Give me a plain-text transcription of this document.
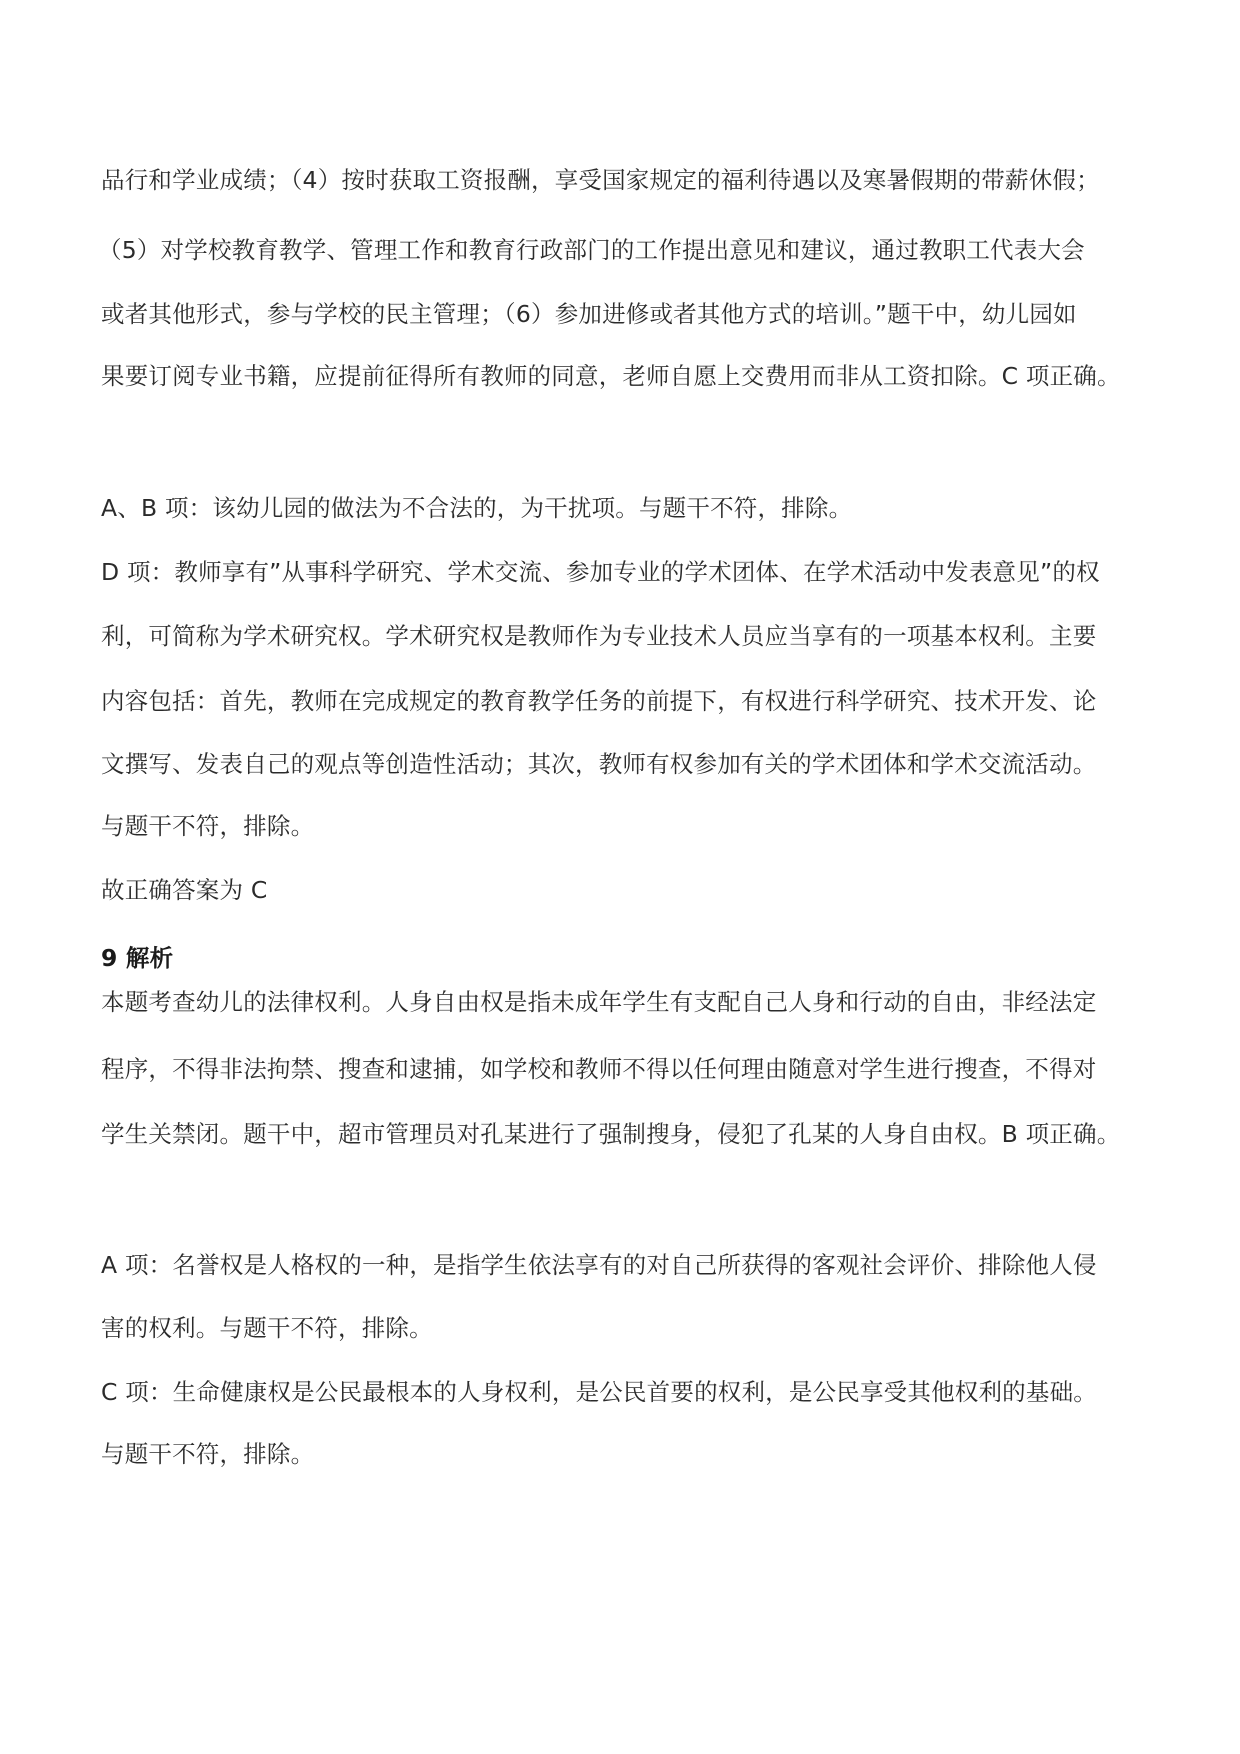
品行和学业成绩；（4）按时获取工资报酬，享受国家规定的福利待遇以及寒暑假期的带薪休假；
（5）对学校教育教学、管理工作和教育行政部门的工作提出意见和建议，通过教职工代表大会
或者其他形式，参与学校的民主管理；（6）参加进修或者其他方式的培训。”题干中，幼儿园如
果要订阅专业书籍，应提前征得所有教师的同意，老师自愿上交费用而非从工资扣除。C 项正确。
A、B 项：该幼儿园的做法为不合法的，为干扰项。与题干不符，排除。
D 项：教师享有”从事科学研究、学术交流、参加专业的学术团体、在学术活动中发表意见”的权
利，可简称为学术研究权。学术研究权是教师作为专业技术人员应当享有的一项基本权利。主要
内容包括：首先，教师在完成规定的教育教学任务的前提下，有权进行科学研究、技术开发、论
文撰写、发表自己的观点等创造性活动；其次，教师有权参加有关的学术团体和学术交流活动。
与题干不符，排除。
故正确答案为 C
9 解析
本题考查幼儿的法律权利。人身自由权是指未成年学生有支配自己人身和行动的自由，非经法定
程序，不得非法拘禁、搜查和逮捕，如学校和教师不得以任何理由随意对学生进行搜查，不得对
学生关禁闭。题干中，超市管理员对孔某进行了强制搜身，侵犯了孔某的人身自由权。B 项正确。
A 项：名誉权是人格权的一种，是指学生依法享有的对自己所获得的客观社会评价、排除他人侵
害的权利。与题干不符，排除。
C 项：生命健康权是公民最根本的人身权利，是公民首要的权利，是公民享受其他权利的基础。
与题干不符，排除。
